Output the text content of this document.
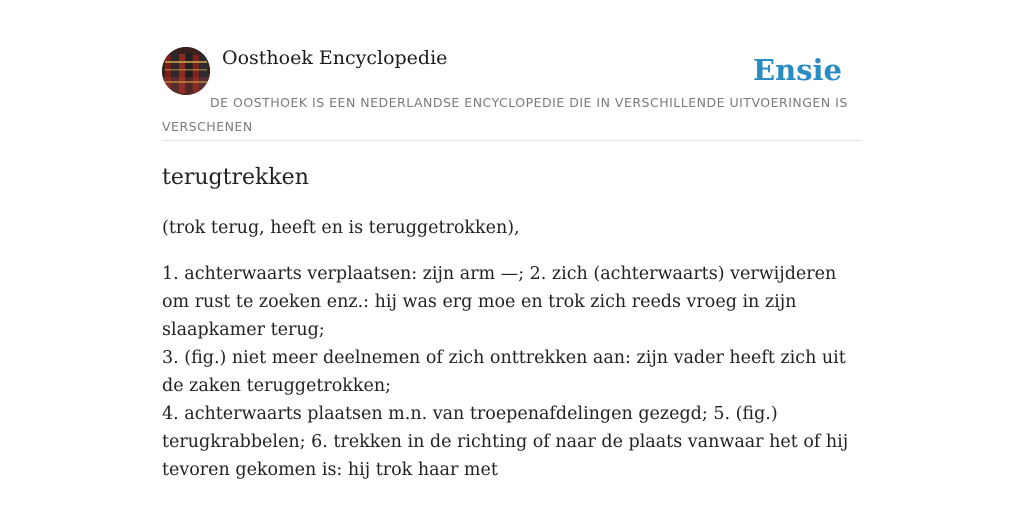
Oosthoek Encyclopedie	Ensie
DE OOSTHOEK IS EEN NEDERLANDSE ENCYCLOPEDIE DIE IN VERSCHILLENDE UITVOERINGEN IS VERSCHENEN
terugtrekken

(trok terug, heeft en is teruggetrokken),

1. achterwaarts verplaatsen: zijn arm —; 2. zich (achterwaarts) verwijderen om rust te zoeken enz.: hij was erg moe en trok zich reeds vroeg in zijn slaapkamer terug;
3. (fig.) niet meer deelnemen of zich onttrekken aan: zijn vader heeft zich uit de zaken teruggetrokken;
4. achterwaarts plaatsen m.n. van troepenafdelingen gezegd; 5. (fig.) terugkrabbelen; 6. trekken in de richting of naar de plaats vanwaar het of hij tevoren gekomen is: hij trok haar met
